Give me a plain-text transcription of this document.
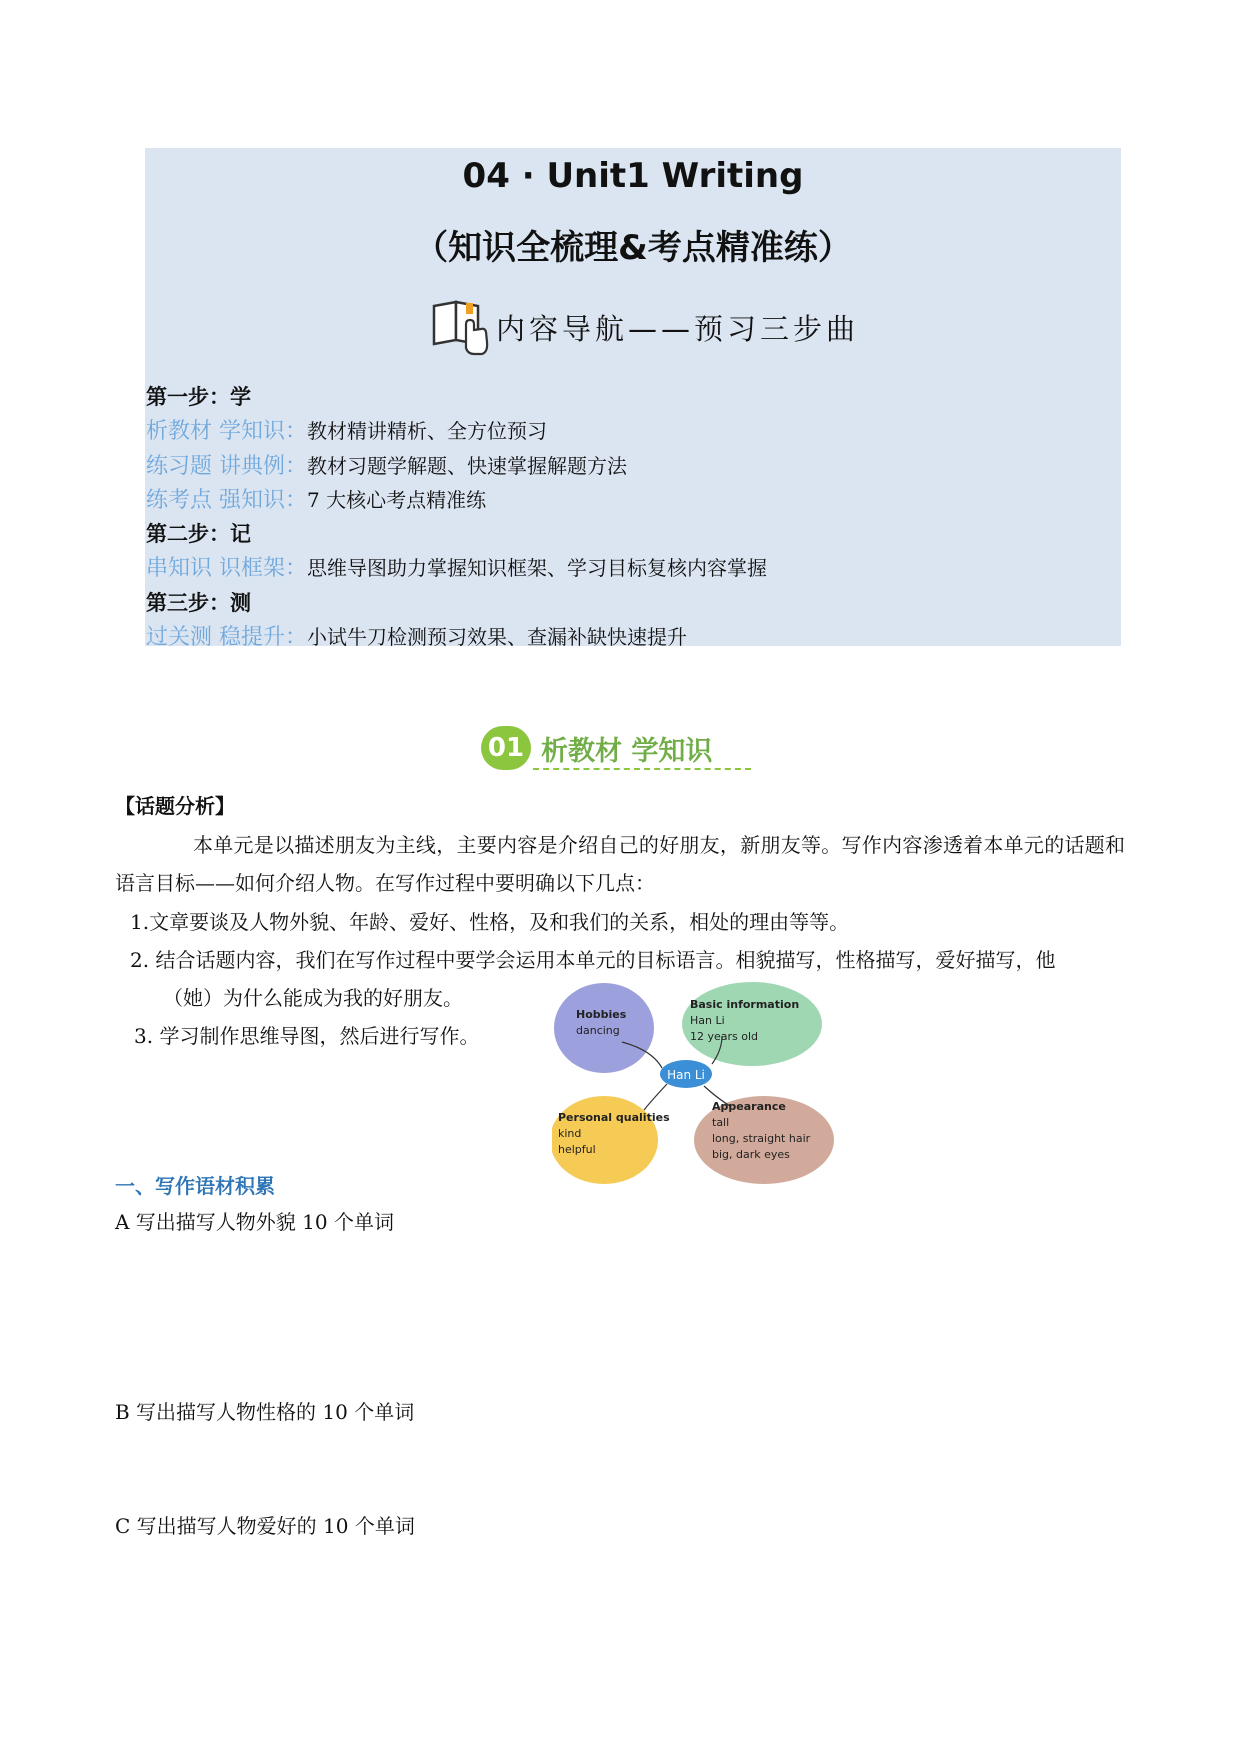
04 · Unit1 Writing
（知识全梳理&考点精准练）
内容导航——预习三步曲
第一步：学
析教材 学知识：教材精讲精析、全方位预习
练习题 讲典例：教材习题学解题、快速掌握解题方法
练考点 强知识：7 大核心考点精准练
第二步：记
串知识 识框架：思维导图助力掌握知识框架、学习目标复核内容掌握
第三步：测
过关测 稳提升：小试牛刀检测预习效果、查漏补缺快速提升
01 析教材 学知识
【话题分析】
本单元是以描述朋友为主线，主要内容是介绍自己的好朋友，新朋友等。写作内容渗透着本单元的话题和语言目标——如何介绍人物。在写作过程中要明确以下几点：
1.文章要谈及人物外貌、年龄、爱好、性格，及和我们的关系，相处的理由等等。
2. 结合话题内容，我们在写作过程中要学会运用本单元的目标语言。相貌描写，性格描写，爱好描写，他
（她）为什么能成为我的好朋友。
3. 学习制作思维导图，然后进行写作。
Han Li
Hobbies
dancing
Basic information
Han Li
12 years old
Personal qualities
kind
helpful
Appearance
tall
long, straight hair
big, dark eyes
一、写作语材积累
A 写出描写人物外貌 10 个单词
B 写出描写人物性格的 10 个单词
C 写出描写人物爱好的 10 个单词
